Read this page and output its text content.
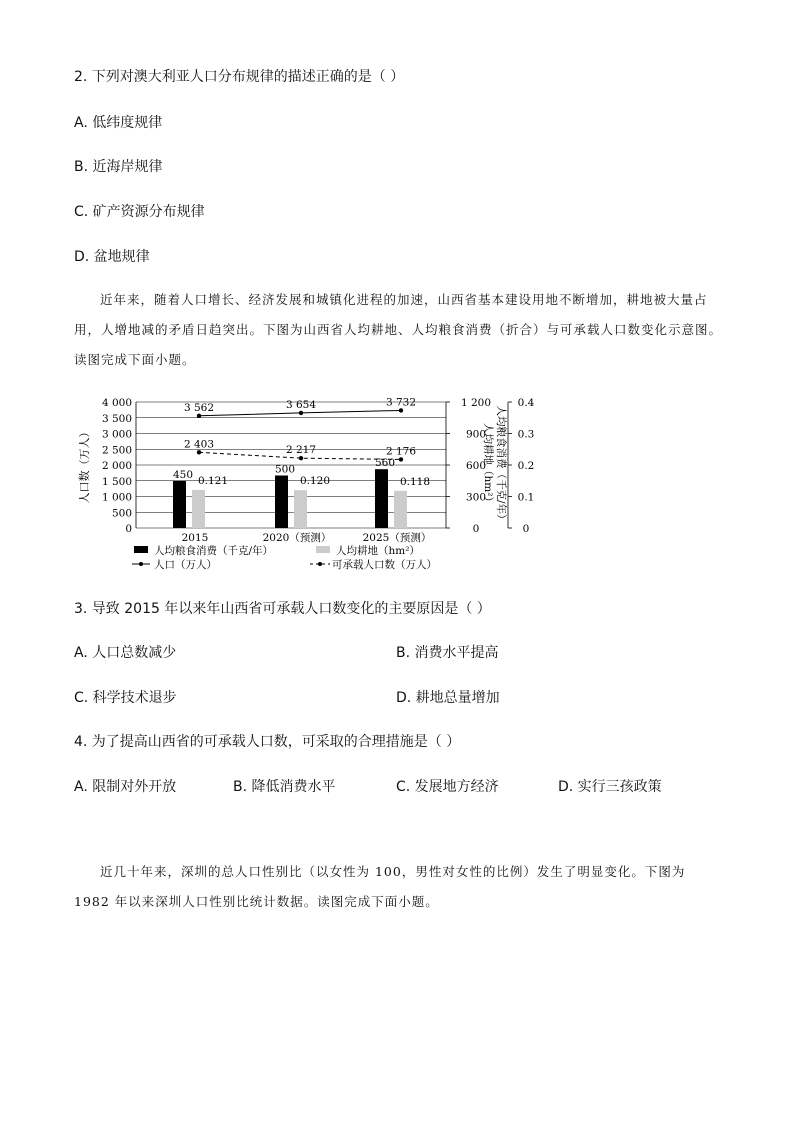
2. 下列对澳大利亚人口分布规律的描述正确的是（ ）
A. 低纬度规律
B. 近海岸规律
C. 矿产资源分布规律
D. 盆地规律
近年来，随着人口增长、经济发展和城镇化进程的加速，山西省基本建设用地不断增加，耕地被大量占用，人增地减的矛盾日趋突出。下图为山西省人均耕地、人均粮食消费（折合）与可承载人口数变化示意图。读图完成下面小题。
0
500
1 000
1 500
2 000
2 500
3 000
3 500
4 000
人口数（万人）
0
300
600
900
1 200
人均粮食消费（千克/年）
0
0.1
0.2
0.3
0.4
人均耕地（hm²）
450
0.121
2015
500
0.120
2020（预测）
560
0.118
2025（预测）
3 562	3 654	3 732
2 403	2 217	2 176
人均粮食消费（千克/年）	人均耕地（hm²）
人口（万人）	可承载人口数（万人）
3. 导致 2015 年以来年山西省可承载人口数变化的主要原因是（ ）
A. 人口总数减少	B. 消费水平提高
C. 科学技术退步	D. 耕地总量增加
4. 为了提高山西省的可承载人口数，可采取的合理措施是（ ）
A. 限制对外开放	B. 降低消费水平	C. 发展地方经济	D. 实行三孩政策
近几十年来，深圳的总人口性别比（以女性为 100，男性对女性的比例）发生了明显变化。下图为 1982 年以来深圳人口性别比统计数据。读图完成下面小题。
